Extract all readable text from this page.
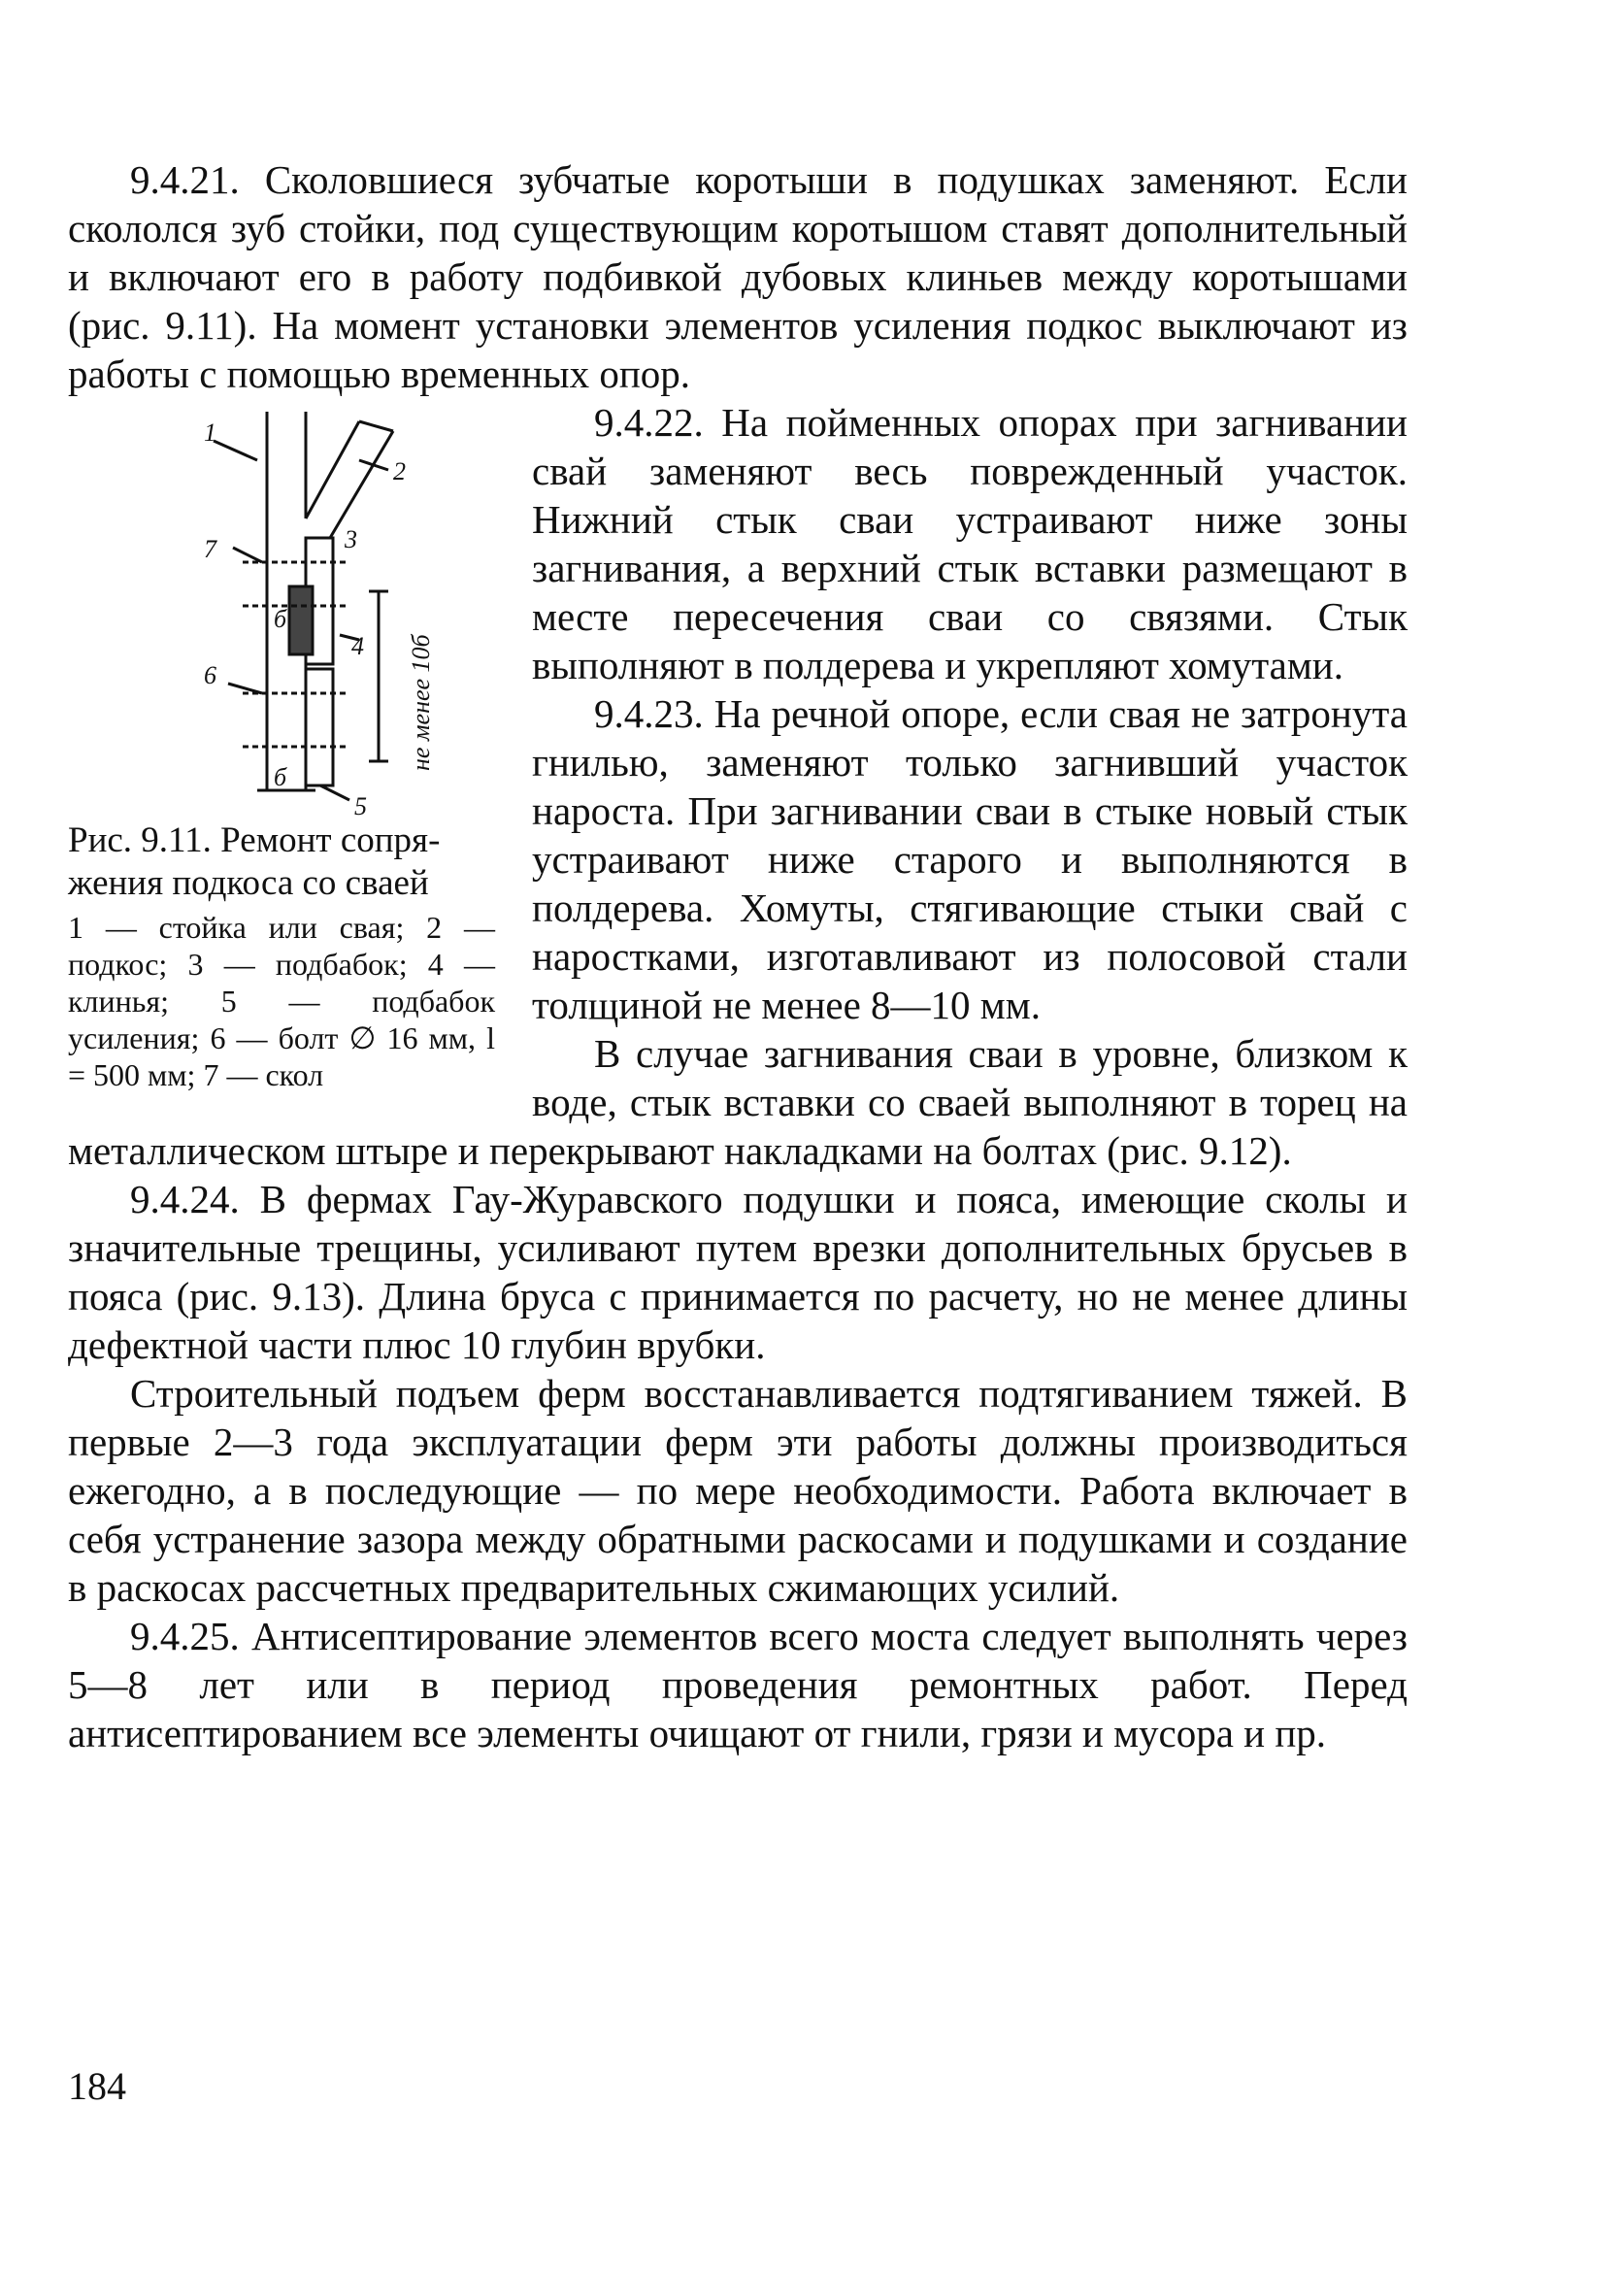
9.4.21. Сколовшиеся зубчатые коротыши в подушках заменяют. Если скололся зуб стойки, под существующим коротышом ставят дополнительный и включают его в работу подбивкой дубовых клиньев между коротышами (рис. 9.11). На момент установки элементов усиления подкос выключают из работы с помощью временных опор.

1
2
3
4
5
6
7
б
б
не менее 10б

Рис. 9.11. Ремонт сопряжения подкоса со сваей

1 — стойка или свая; 2 — подкос; 3 — подбабок; 4 — клинья; 5 — подбабок усиления; 6 — болт ∅ 16 мм, l = 500 мм; 7 — скол

9.4.22. На пойменных опорах при загнивании свай заменяют весь поврежденный участок. Нижний стык сваи устраивают ниже зоны загнивания, а верхний стык вставки размещают в месте пересечения сваи со связями. Стык выполняют в полдерева и укрепляют хомутами.

9.4.23. На речной опоре, если свая не затронута гнилью, заменяют только загнивший участок нароста. При загнивании сваи в стыке новый стык устраивают ниже старого и выполняются в полдерева. Хомуты, стягивающие стыки свай с наростками, изготавливают из полосовой стали толщиной не менее 8—10 мм.

В случае загнивания сваи в уровне, близком к воде, стык вставки со сваей выполняют в торец на металлическом штыре и перекрывают накладками на болтах (рис. 9.12).

9.4.24. В фермах Гау-Журавского подушки и пояса, имеющие сколы и значительные трещины, усиливают путем врезки дополнительных брусьев в пояса (рис. 9.13). Длина бруса c принимается по расчету, но не менее длины дефектной части плюс 10 глубин врубки.

Строительный подъем ферм восстанавливается подтягиванием тяжей. В первые 2—3 года эксплуатации ферм эти работы должны производиться ежегодно, а в последующие — по мере необходимости. Работа включает в себя устранение зазора между обратными раскосами и подушками и создание в раскосах рассчетных предварительных сжимающих усилий.

9.4.25. Антисептирование элементов всего моста следует выполнять через 5—8 лет или в период проведения ремонтных работ. Перед антисептированием все элементы очищают от гнили, грязи и мусора и пр.

184
